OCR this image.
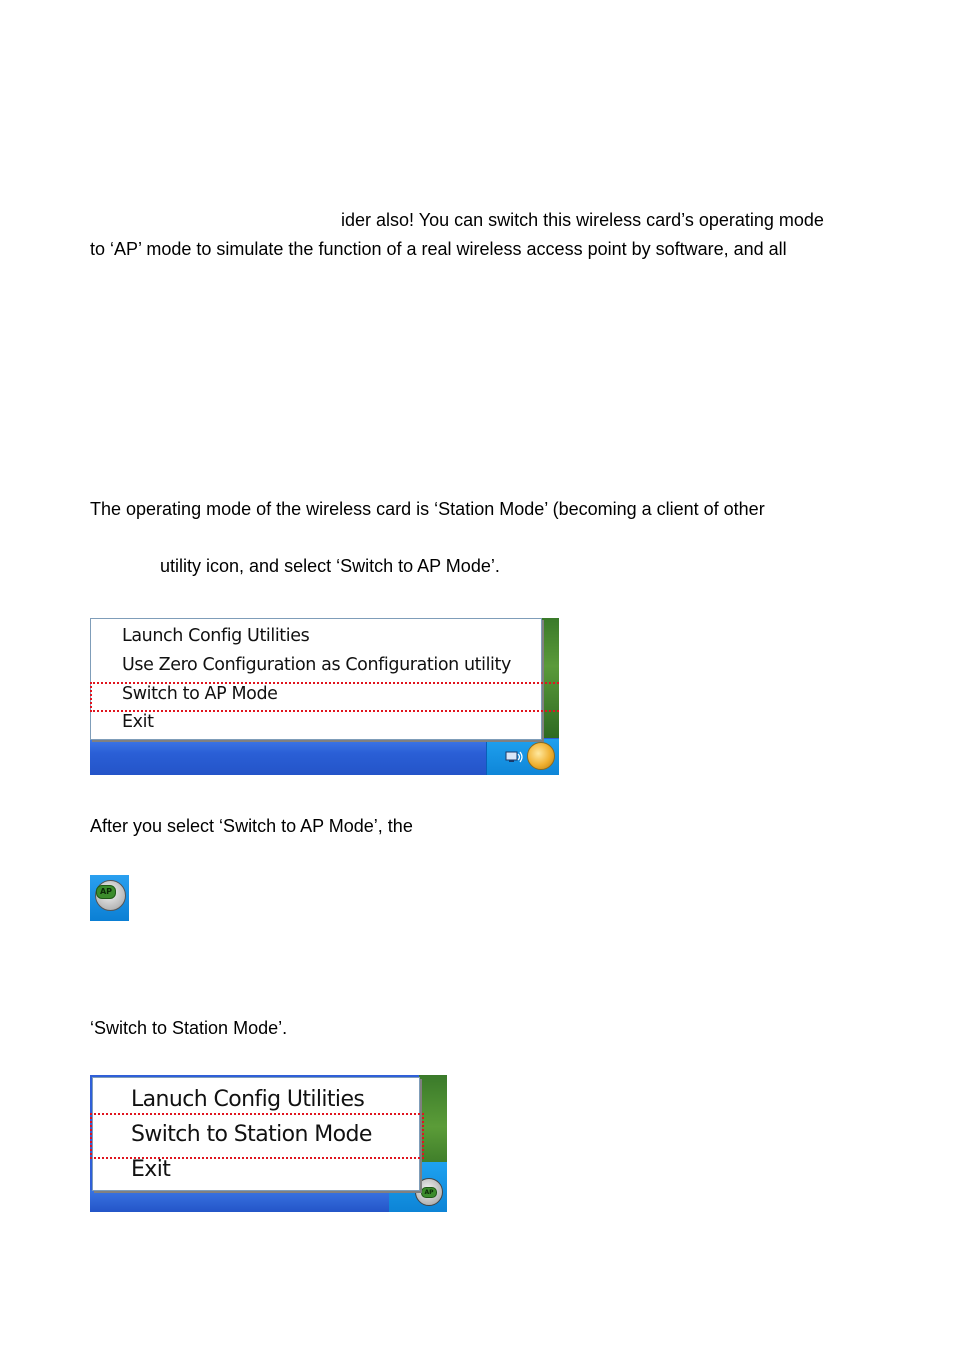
ider also! You can switch this wireless card’s operating mode
to ‘AP’ mode to simulate the function of a real wireless access point by software, and all
The operating mode of the wireless card is ‘Station Mode’ (becoming a client of other
utility icon, and select ‘Switch to AP Mode’.
Launch Config Utilities
Use Zero Configuration as Configuration utility
Switch to AP Mode
Exit
After you select ‘Switch to AP Mode’, the
AP
‘Switch to Station Mode’.
AP
Lanuch Config Utilities
Switch to Station Mode
Exit
